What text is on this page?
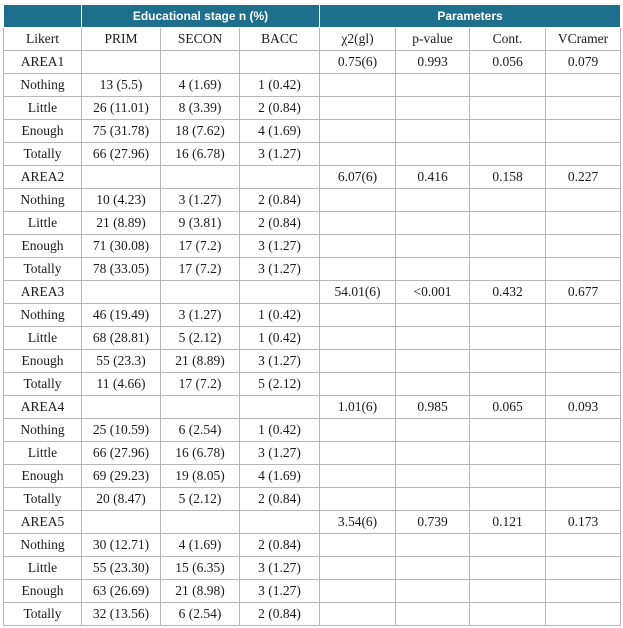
	Educational stage n (%)			Parameters			
Likert	PRIM	SECON	BACC	χ2(gl)	p-value	Cont.	VCramer
AREA1				0.75(6)	0.993	0.056	0.079
Nothing	13 (5.5)	4 (1.69)	1 (0.42)				
Little	26 (11.01)	8 (3.39)	2 (0.84)				
Enough	75 (31.78)	18 (7.62)	4 (1.69)				
Totally	66 (27.96)	16 (6.78)	3 (1.27)				
AREA2				6.07(6)	0.416	0.158	0.227
Nothing	10 (4.23)	3 (1.27)	2 (0.84)				
Little	21 (8.89)	9 (3.81)	2 (0.84)				
Enough	71 (30.08)	17 (7.2)	3 (1.27)				
Totally	78 (33.05)	17 (7.2)	3 (1.27)				
AREA3				54.01(6)	<0.001	0.432	0.677
Nothing	46 (19.49)	3 (1.27)	1 (0.42)				
Little	68 (28.81)	5 (2.12)	1 (0.42)				
Enough	55 (23.3)	21 (8.89)	3 (1.27)				
Totally	11 (4.66)	17 (7.2)	5 (2.12)				
AREA4				1.01(6)	0.985	0.065	0.093
Nothing	25 (10.59)	6 (2.54)	1 (0.42)				
Little	66 (27.96)	16 (6.78)	3 (1.27)				
Enough	69 (29.23)	19 (8.05)	4 (1.69)				
Totally	20 (8.47)	5 (2.12)	2 (0.84)				
AREA5				3.54(6)	0.739	0.121	0.173
Nothing	30 (12.71)	4 (1.69)	2 (0.84)				
Little	55 (23.30)	15 (6.35)	3 (1.27)				
Enough	63 (26.69)	21 (8.98)	3 (1.27)				
Totally	32 (13.56)	6 (2.54)	2 (0.84)				
